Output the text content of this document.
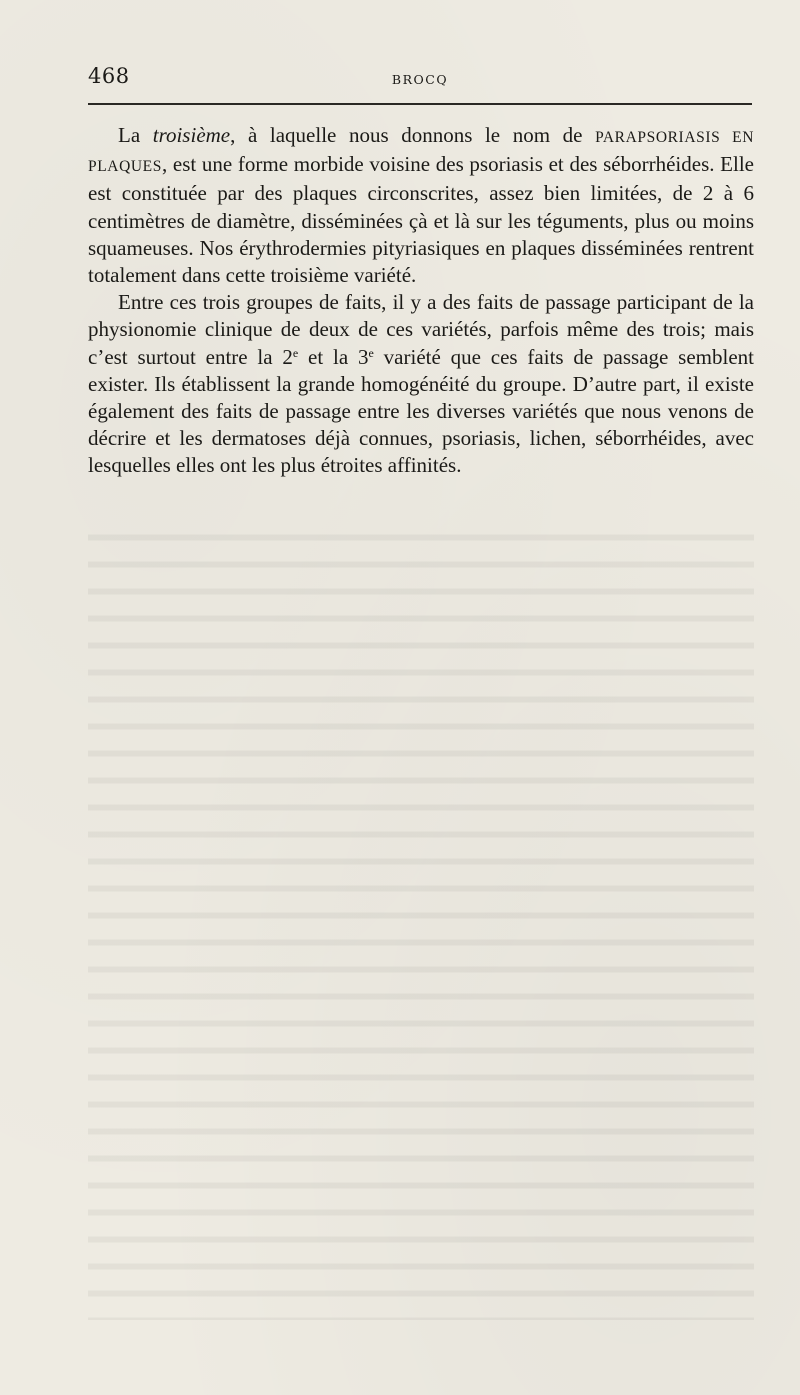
468	BROCQ

La troisième, à laquelle nous donnons le nom de PARAPSORIASIS EN PLAQUES, est une forme morbide voisine des psoriasis et des séborrhéides. Elle est constituée par des plaques circonscrites, assez bien limitées, de 2 à 6 centimètres de diamètre, disséminées çà et là sur les téguments, plus ou moins squameuses. Nos érythrodermies pityriasiques en plaques disséminées rentrent totalement dans cette troisième variété.

Entre ces trois groupes de faits, il y a des faits de passage participant de la physionomie clinique de deux de ces variétés, parfois même des trois; mais c’est surtout entre la 2e et la 3e variété que ces faits de passage semblent exister. Ils établissent la grande homogénéité du groupe. D’autre part, il existe également des faits de passage entre les diverses variétés que nous venons de décrire et les dermatoses déjà connues, psoriasis, lichen, séborrhéides, avec lesquelles elles ont les plus étroites affinités.
